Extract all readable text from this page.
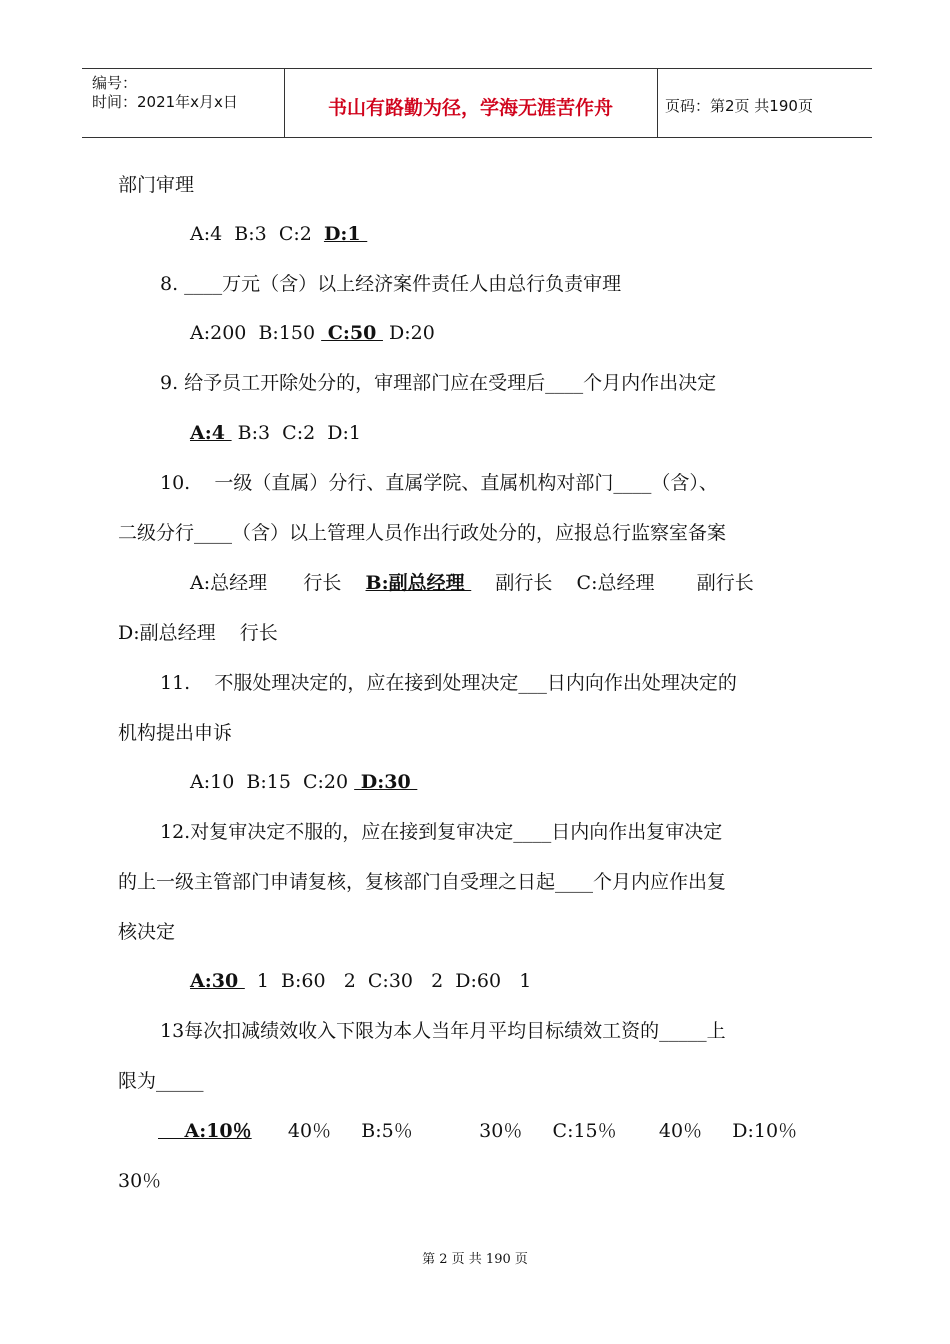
编号：
时间：2021年x月x日	书山有路勤为径，学海无涯苦作舟	页码：第2页 共190页
部门审理
A:4  B:3  C:2  D:1
8. ____万元（含）以上经济案件责任人由总行负责审理
A:200  B:150  C:50  D:20
9. 给予员工开除处分的，审理部门应在受理后____个月内作出决定
A:4  B:3  C:2  D:1
10.    一级（直属）分行、直属学院、直属机构对部门____（含）、
二级分行____（含）以上管理人员作出行政处分的，应报总行监察室备案
A:总经理      行长    B:副总经理     副行长    C:总经理       副行长
D:副总经理    行长
11.    不服处理决定的，应在接到处理决定___日内向作出处理决定的
机构提出申诉
A:10  B:15  C:20  D:30
12.对复审决定不服的，应在接到复审决定____日内向作出复审决定
的上一级主管部门申请复核，复核部门自受理之日起____个月内应作出复
核决定
A:30   1  B:60   2  C:30   2  D:60   1
13每次扣减绩效收入下限为本人当年月平均目标绩效工资的_____上
限为_____
A:10％      40％     B:5％           30％     C:15％       40％     D:10％
30％
第 2 页 共 190 页
